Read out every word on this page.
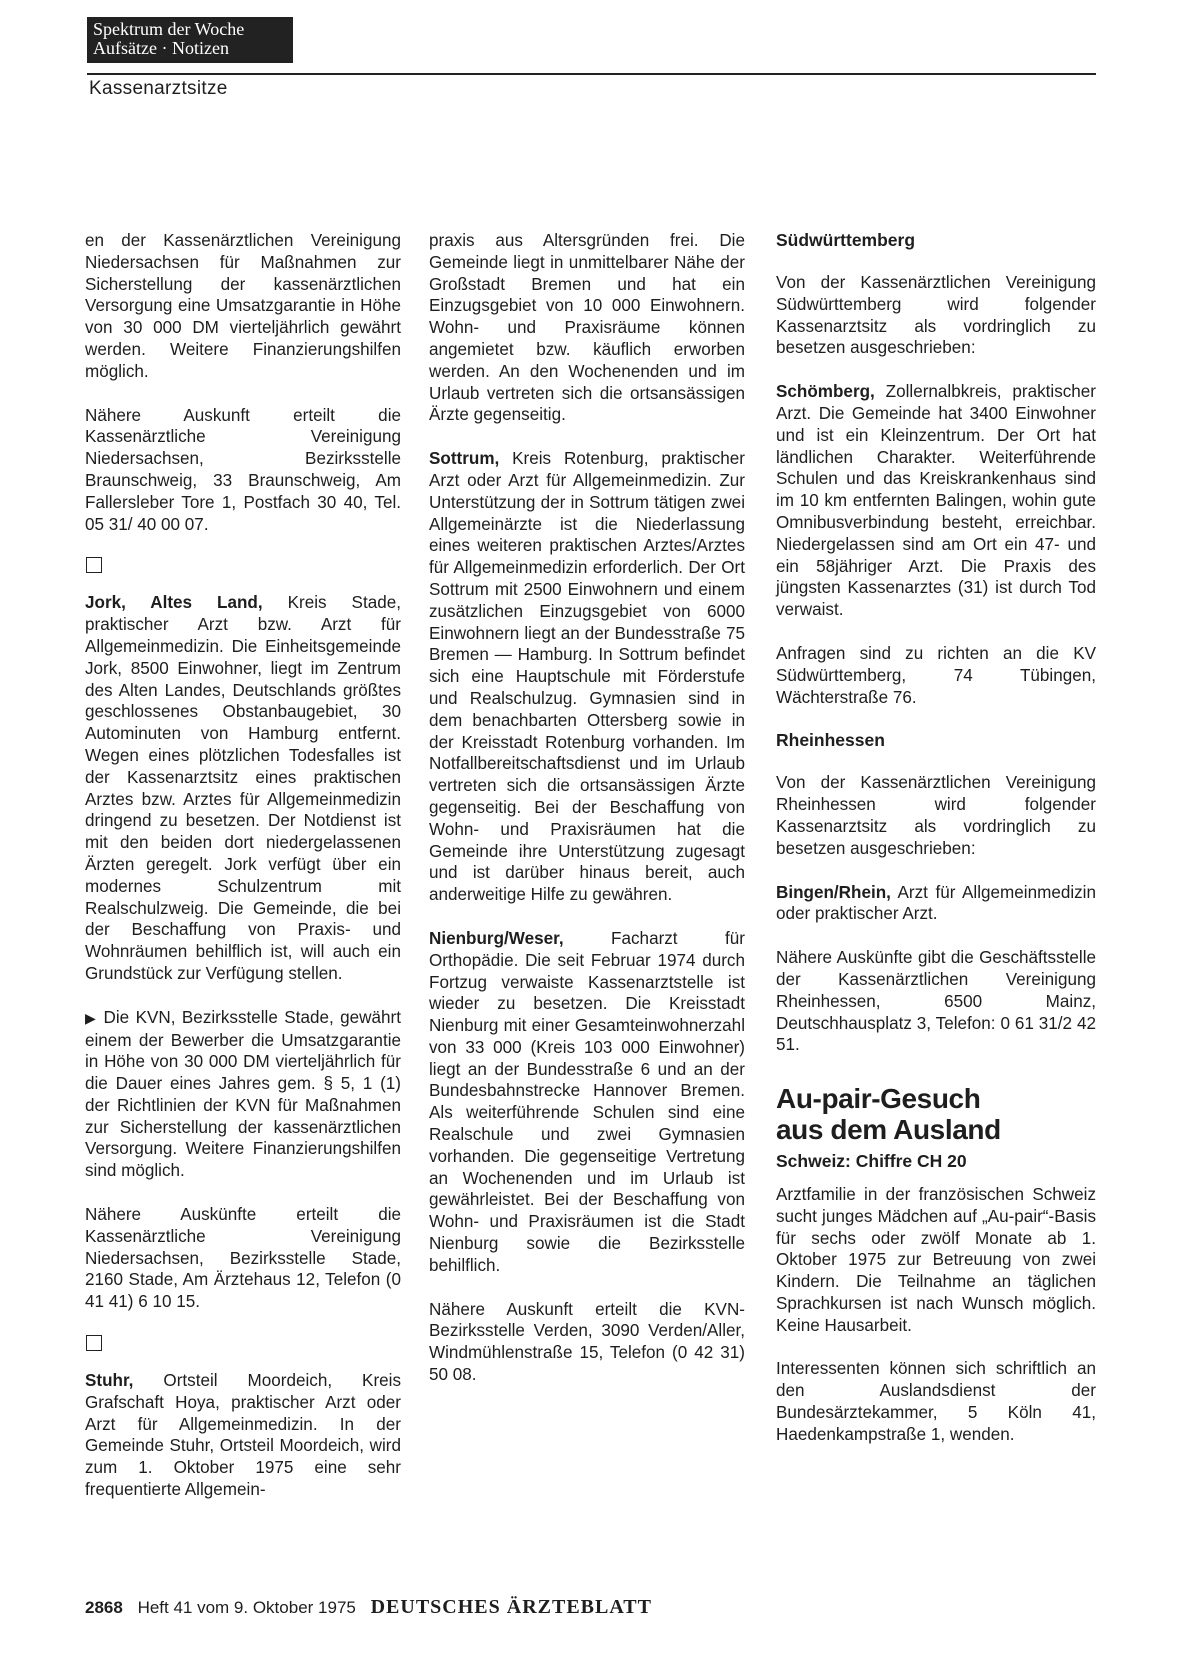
Spektrum der Woche
Aufsätze · Notizen
Kassenarztsitze

en der Kassenärztlichen Vereinigung Niedersachsen für Maßnahmen zur Sicherstellung der kassenärztlichen Versorgung eine Umsatzgarantie in Höhe von 30 000 DM vierteljährlich gewährt werden. Weitere Finanzierungshilfen möglich.

Nähere Auskunft erteilt die Kassenärztliche Vereinigung Niedersachsen, Bezirksstelle Braunschweig, 33 Braunschweig, Am Fallersleber Tore 1, Postfach 30 40, Tel. 05 31/ 40 00 07.

Jork, Altes Land, Kreis Stade, praktischer Arzt bzw. Arzt für Allgemeinmedizin. Die Einheitsgemeinde Jork, 8500 Einwohner, liegt im Zentrum des Alten Landes, Deutschlands größtes geschlossenes Obstanbaugebiet, 30 Autominuten von Hamburg entfernt. Wegen eines plötzlichen Todesfalles ist der Kassenarztsitz eines praktischen Arztes bzw. Arztes für Allgemeinmedizin dringend zu besetzen. Der Notdienst ist mit den beiden dort niedergelassenen Ärzten geregelt. Jork verfügt über ein modernes Schulzentrum mit Realschulzweig. Die Gemeinde, die bei der Beschaffung von Praxis- und Wohnräumen behilflich ist, will auch ein Grundstück zur Verfügung stellen.

▶ Die KVN, Bezirksstelle Stade, gewährt einem der Bewerber die Umsatzgarantie in Höhe von 30 000 DM vierteljährlich für die Dauer eines Jahres gem. § 5, 1 (1) der Richtlinien der KVN für Maßnahmen zur Sicherstellung der kassenärztlichen Versorgung. Weitere Finanzierungshilfen sind möglich.

Nähere Auskünfte erteilt die Kassenärztliche Vereinigung Niedersachsen, Bezirksstelle Stade, 2160 Stade, Am Ärztehaus 12, Telefon (0 41 41) 6 10 15.

Stuhr, Ortsteil Moordeich, Kreis Grafschaft Hoya, praktischer Arzt oder Arzt für Allgemeinmedizin. In der Gemeinde Stuhr, Ortsteil Moordeich, wird zum 1. Oktober 1975 eine sehr frequentierte Allgemein-

praxis aus Altersgründen frei. Die Gemeinde liegt in unmittelbarer Nähe der Großstadt Bremen und hat ein Einzugsgebiet von 10 000 Einwohnern. Wohn- und Praxisräume können angemietet bzw. käuflich erworben werden. An den Wochenenden und im Urlaub vertreten sich die ortsansässigen Ärzte gegenseitig.

Sottrum, Kreis Rotenburg, praktischer Arzt oder Arzt für Allgemeinmedizin. Zur Unterstützung der in Sottrum tätigen zwei Allgemeinärzte ist die Niederlassung eines weiteren praktischen Arztes/Arztes für Allgemeinmedizin erforderlich. Der Ort Sottrum mit 2500 Einwohnern und einem zusätzlichen Einzugsgebiet von 6000 Einwohnern liegt an der Bundesstraße 75 Bremen — Hamburg. In Sottrum befindet sich eine Hauptschule mit Förderstufe und Realschulzug. Gymnasien sind in dem benachbarten Ottersberg sowie in der Kreisstadt Rotenburg vorhanden. Im Notfallbereitschaftsdienst und im Urlaub vertreten sich die ortsansässigen Ärzte gegenseitig. Bei der Beschaffung von Wohn- und Praxisräumen hat die Gemeinde ihre Unterstützung zugesagt und ist darüber hinaus bereit, auch anderweitige Hilfe zu gewähren.

Nienburg/Weser, Facharzt für Orthopädie. Die seit Februar 1974 durch Fortzug verwaiste Kassenarztstelle ist wieder zu besetzen. Die Kreisstadt Nienburg mit einer Gesamteinwohnerzahl von 33 000 (Kreis 103 000 Einwohner) liegt an der Bundesstraße 6 und an der Bundesbahnstrecke Hannover Bremen. Als weiterführende Schulen sind eine Realschule und zwei Gymnasien vorhanden. Die gegenseitige Vertretung an Wochenenden und im Urlaub ist gewährleistet. Bei der Beschaffung von Wohn- und Praxisräumen ist die Stadt Nienburg sowie die Bezirksstelle behilflich.

Nähere Auskunft erteilt die KVN-Bezirksstelle Verden, 3090 Verden/Aller, Windmühlenstraße 15, Telefon (0 42 31) 50 08.

Südwürttemberg

Von der Kassenärztlichen Vereinigung Südwürttemberg wird folgender Kassenarztsitz als vordringlich zu besetzen ausgeschrieben:

Schömberg, Zollernalbkreis, praktischer Arzt. Die Gemeinde hat 3400 Einwohner und ist ein Kleinzentrum. Der Ort hat ländlichen Charakter. Weiterführende Schulen und das Kreiskrankenhaus sind im 10 km entfernten Balingen, wohin gute Omnibusverbindung besteht, erreichbar. Niedergelassen sind am Ort ein 47- und ein 58jähriger Arzt. Die Praxis des jüngsten Kassenarztes (31) ist durch Tod verwaist.

Anfragen sind zu richten an die KV Südwürttemberg, 74 Tübingen, Wächterstraße 76.

Rheinhessen

Von der Kassenärztlichen Vereinigung Rheinhessen wird folgender Kassenarztsitz als vordringlich zu besetzen ausgeschrieben:

Bingen/Rhein, Arzt für Allgemeinmedizin oder praktischer Arzt.

Nähere Auskünfte gibt die Geschäftsstelle der Kassenärztlichen Vereinigung Rheinhessen, 6500 Mainz, Deutschhausplatz 3, Telefon: 0 61 31/2 42 51.

Au-pair-Gesuch
aus dem Ausland
Schweiz: Chiffre CH 20

Arztfamilie in der französischen Schweiz sucht junges Mädchen auf „Au-pair“-Basis für sechs oder zwölf Monate ab 1. Oktober 1975 zur Betreuung von zwei Kindern. Die Teilnahme an täglichen Sprachkursen ist nach Wunsch möglich. Keine Hausarbeit.

Interessenten können sich schriftlich an den Auslandsdienst der Bundesärztekammer, 5 Köln 41, Haedenkampstraße 1, wenden.

2868 Heft 41 vom 9. Oktober 1975 DEUTSCHES ÄRZTEBLATT
